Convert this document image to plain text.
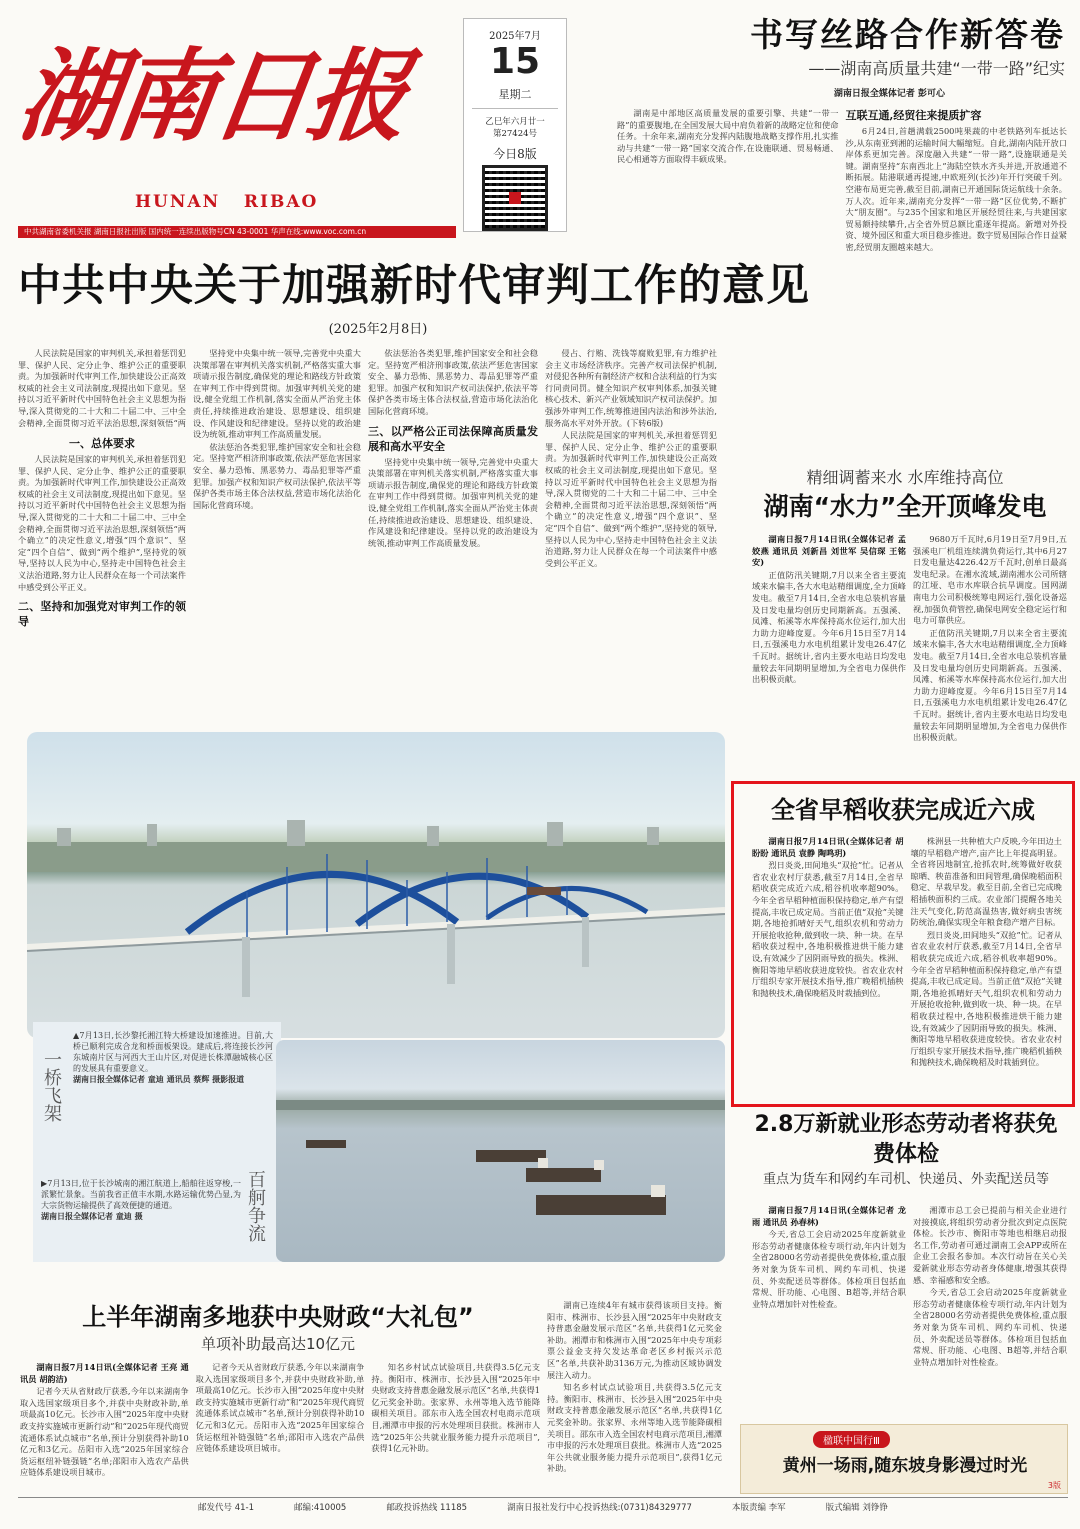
湖南日报
HUNAN   RIBAO
2025年7月
15
星期二
乙巳年六月廿一
第27424号
今日8版
中共湖南省委机关报 湖南日报社出版 国内统一连续出版物号CN 43-0001 华声在线:www.voc.com.cn
书写丝路合作新答卷
——湖南高质量共建“一带一路”纪实
湖南日报全媒体记者 彭可心

湖南是中部地区高质量发展的重要引擎、共建“一带一路”的重要腹地,在全国发展大局中肩负着新的战略定位和使命任务。十余年来,湖南充分发挥内陆腹地战略支撑作用,扎实推动与共建“一带一路”国家交流合作,在设施联通、贸易畅通、民心相通等方面取得丰硕成果。

互联互通,经贸往来提质扩容

6月24日,首趟满载2500吨果蔬的中老铁路列车抵达长沙,从东南亚到湘的运输时间大幅缩短。自此,湖南内陆开放口岸体系更加完善。深度融入共建“一带一路”,设施联通是关键。湖南坚持“东南西北上”海陆空铁水齐头并进,开放通道不断拓展。陆港联通再提速,中欧班列(长沙)年开行突破千列。空港布局更完善,截至目前,湖南已开通国际货运航线十余条。万人次。近年来,湖南充分发挥“一带一路”区位优势,不断扩大“朋友圈”。与235个国家和地区开展经贸往来,与共建国家贸易额持续攀升,占全省外贸总额比重逐年提高。新增对外投资、境外园区和重大项目稳步推进。数字贸易国际合作日益紧密,经贸朋友圈越来越大。

中共中央关于加强新时代审判工作的意见
(2025年2月8日)

人民法院是国家的审判机关,承担着惩罚犯罪、保护人民、定分止争、维护公正的重要职责。为加强新时代审判工作,加快建设公正高效权威的社会主义司法制度,现提出如下意见。坚持以习近平新时代中国特色社会主义思想为指导,深入贯彻党的二十大和二十届二中、三中全会精神,全面贯彻习近平法治思想,深刻领悟“两

一、总体要求

人民法院是国家的审判机关,承担着惩罚犯罪、保护人民、定分止争、维护公正的重要职责。为加强新时代审判工作,加快建设公正高效权威的社会主义司法制度,现提出如下意见。坚持以习近平新时代中国特色社会主义思想为指导,深入贯彻党的二十大和二十届二中、三中全会精神,全面贯彻习近平法治思想,深刻领悟“两个确立”的决定性意义,增强“四个意识”、坚定“四个自信”、做到“两个维护”,坚持党的领导,坚持以人民为中心,坚持走中国特色社会主义法治道路,努力让人民群众在每一个司法案件中感受到公平正义。

二、坚持和加强党对审判工作的领导

坚持党中央集中统一领导,完善党中央重大决策部署在审判机关落实机制,严格落实重大事项请示报告制度,确保党的理论和路线方针政策在审判工作中得到贯彻。加强审判机关党的建设,健全党组工作机制,落实全面从严治党主体责任,持续推进政治建设、思想建设、组织建设、作风建设和纪律建设。坚持以党的政治建设为统领,推动审判工作高质量发展。

依法惩治各类犯罪,维护国家安全和社会稳定。坚持宽严相济刑事政策,依法严惩危害国家安全、暴力恐怖、黑恶势力、毒品犯罪等严重犯罪。加强产权和知识产权司法保护,依法平等保护各类市场主体合法权益,营造市场化法治化国际化营商环境。

依法惩治各类犯罪,维护国家安全和社会稳定。坚持宽严相济刑事政策,依法严惩危害国家安全、暴力恐怖、黑恶势力、毒品犯罪等严重犯罪。加强产权和知识产权司法保护,依法平等保护各类市场主体合法权益,营造市场化法治化国际化营商环境。

三、以严格公正司法保障高质量发展和高水平安全

坚持党中央集中统一领导,完善党中央重大决策部署在审判机关落实机制,严格落实重大事项请示报告制度,确保党的理论和路线方针政策在审判工作中得到贯彻。加强审判机关党的建设,健全党组工作机制,落实全面从严治党主体责任,持续推进政治建设、思想建设、组织建设、作风建设和纪律建设。坚持以党的政治建设为统领,推动审判工作高质量发展。

侵占、行贿、洗钱等腐败犯罪,有力维护社会主义市场经济秩序。完善产权司法保护机制,对侵犯各种所有制经济产权和合法利益的行为实行同责同罚。健全知识产权审判体系,加强关键核心技术、新兴产业领域知识产权司法保护。加强涉外审判工作,统筹推进国内法治和涉外法治,服务高水平对外开放。(下转6版)

人民法院是国家的审判机关,承担着惩罚犯罪、保护人民、定分止争、维护公正的重要职责。为加强新时代审判工作,加快建设公正高效权威的社会主义司法制度,现提出如下意见。坚持以习近平新时代中国特色社会主义思想为指导,深入贯彻党的二十大和二十届二中、三中全会精神,全面贯彻习近平法治思想,深刻领悟“两个确立”的决定性意义,增强“四个意识”、坚定“四个自信”、做到“两个维护”,坚持党的领导,坚持以人民为中心,坚持走中国特色社会主义法治道路,努力让人民群众在每一个司法案件中感受到公平正义。

一桥飞架
▲7月13日,长沙黎托湘江特大桥建设加速推进。目前,大桥已顺利完成合龙和桥面板架设。建成后,将连接长沙河东城南片区与河西大王山片区,对促进长株潭融城核心区的发展具有重要意义。
湖南日报全媒体记者 童迪 通讯员 蔡辉 摄影报道
▶7月13日,位于长沙城南的湘江航道上,船舶往返穿梭,一派繁忙景象。当前我省正值丰水期,水路运输优势凸显,为大宗货物运输提供了高效便捷的通道。
湖南日报全媒体记者 童迪 摄	百舸争流
精细调蓄来水 水库维持高位
湖南“水力”全开顶峰发电

湖南日报7月14日讯(全媒体记者 孟姣燕 通讯员 刘新昌 刘世军 吴信琛 王铭安)

正值防汛关键期,7月以来全省主要流域来水偏丰,各大水电站精细调度,全力顶峰发电。截至7月14日,全省水电总装机容量及日发电量均创历史同期新高。五强溪、凤滩、柘溪等水库保持高水位运行,加大出力助力迎峰度夏。今年6月15日至7月14日,五强溪电力水电机组累计发电26.47亿千瓦时。据统计,省内主要水电站日均发电量较去年同期明显增加,为全省电力保供作出积极贡献。

9680万千瓦时,6月19日至7月9日,五强溪电厂机组连续满负荷运行,其中6月27日发电量达4226.42万千瓦时,创单日最高发电纪录。在湘水流域,湖南湘水公司所辖的江垭、皂市水库联合抗旱调度。国网湖南电力公司积极统筹电网运行,强化设备巡视,加强负荷管控,确保电网安全稳定运行和电力可靠供应。

正值防汛关键期,7月以来全省主要流域来水偏丰,各大水电站精细调度,全力顶峰发电。截至7月14日,全省水电总装机容量及日发电量均创历史同期新高。五强溪、凤滩、柘溪等水库保持高水位运行,加大出力助力迎峰度夏。今年6月15日至7月14日,五强溪电力水电机组累计发电26.47亿千瓦时。据统计,省内主要水电站日均发电量较去年同期明显增加,为全省电力保供作出积极贡献。

全省早稻收获完成近六成

湖南日报7月14日讯(全媒体记者 胡盼盼 通讯员 袁静 陶鸣玥)

烈日炎炎,田间地头“双抢”忙。记者从省农业农村厅获悉,截至7月14日,全省早稻收获完成近六成,稻谷机收率超90%。今年全省早稻种植面积保持稳定,单产有望提高,丰收已成定局。当前正值“双抢”关键期,各地抢抓晴好天气,组织农机和劳动力开展抢收抢种,做到收一块、种一块。在早稻收获过程中,各地积极推进烘干能力建设,有效减少了因阴雨导致的损失。株洲、衡阳等地早稻收获进度较快。省农业农村厅组织专家开展技术指导,推广晚稻机插秧和抛秧技术,确保晚稻及时栽插到位。

株洲县一共种植大户反映,今年田边土壤的早稻稳产增产,亩产比上年提高明显。全省将因地制宜,抢抓农时,统筹做好收获晾晒、秧苗准备和田间管理,确保晚稻面积稳定、早栽早发。截至目前,全省已完成晚稻插秧面积约三成。农业部门提醒各地关注天气变化,防范高温热害,做好病虫害统防统治,确保实现全年粮食稳产增产目标。

烈日炎炎,田间地头“双抢”忙。记者从省农业农村厅获悉,截至7月14日,全省早稻收获完成近六成,稻谷机收率超90%。今年全省早稻种植面积保持稳定,单产有望提高,丰收已成定局。当前正值“双抢”关键期,各地抢抓晴好天气,组织农机和劳动力开展抢收抢种,做到收一块、种一块。在早稻收获过程中,各地积极推进烘干能力建设,有效减少了因阴雨导致的损失。株洲、衡阳等地早稻收获进度较快。省农业农村厅组织专家开展技术指导,推广晚稻机插秧和抛秧技术,确保晚稻及时栽插到位。

2.8万新就业形态劳动者将获免费体检
重点为货车和网约车司机、快递员、外卖配送员等

湖南日报7月14日讯(全媒体记者 龙雨 通讯员 孙春林)

今天,省总工会启动2025年度新就业形态劳动者健康体检专项行动,年内计划为全省28000名劳动者提供免费体检,重点服务对象为货车司机、网约车司机、快递员、外卖配送员等群体。体检项目包括血常规、肝功能、心电图、B超等,并结合职业特点增加针对性检查。

湘潭市总工会已提前与相关企业进行对接摸底,将组织劳动者分批次到定点医院体检。长沙市、衡阳市等地也相继启动报名工作,劳动者可通过湖南工会APP或所在企业工会报名参加。本次行动旨在关心关爱新就业形态劳动者身体健康,增强其获得感、幸福感和安全感。

今天,省总工会启动2025年度新就业形态劳动者健康体检专项行动,年内计划为全省28000名劳动者提供免费体检,重点服务对象为货车司机、网约车司机、快递员、外卖配送员等群体。体检项目包括血常规、肝功能、心电图、B超等,并结合职业特点增加针对性检查。

上半年湖南多地获中央财政“大礼包”
单项补助最高达10亿元

湖南日报7月14日讯(全媒体记者 王亮 通讯员 胡韵洁)

记者今天从省财政厅获悉,今年以来湖南争取入选国家级项目多个,并获中央财政补助,单项最高10亿元。长沙市入围“2025年度中央财政支持实施城市更新行动”和“2025年现代商贸流通体系试点城市”名单,预计分别获得补助10亿元和3亿元。岳阳市入选“2025年国家综合货运枢纽补链强链”名单;邵阳市入选农产品供应链体系建设项目城市。

记者今天从省财政厅获悉,今年以来湖南争取入选国家级项目多个,并获中央财政补助,单项最高10亿元。长沙市入围“2025年度中央财政支持实施城市更新行动”和“2025年现代商贸流通体系试点城市”名单,预计分别获得补助10亿元和3亿元。岳阳市入选“2025年国家综合货运枢纽补链强链”名单;邵阳市入选农产品供应链体系建设项目城市。

知名乡村试点试验项目,共获得3.5亿元支持。衡阳市、株洲市、长沙县入围“2025年中央财政支持普惠金融发展示范区”名单,共获得1亿元奖金补助。张家界、永州等地入选节能降碳相关项目。邵东市入选全国农村电商示范项目,湘潭市申报的污水处理项目获批。株洲市人选“2025年公共就业服务能力提升示范项目”,获得1亿元补助。

湖南已连续4年有城市获得该项目支持。衡阳市、株洲市、长沙县入围“2025年中央财政支持普惠金融发展示范区”名单,共获得1亿元奖金补助。湘潭市和株洲市入围“2025年中央专项彩票公益金支持欠发达革命老区乡村振兴示范区”名单,共获补助3136万元,为推动区域协调发展注入动力。

知名乡村试点试验项目,共获得3.5亿元支持。衡阳市、株洲市、长沙县入围“2025年中央财政支持普惠金融发展示范区”名单,共获得1亿元奖金补助。张家界、永州等地入选节能降碳相关项目。邵东市入选全国农村电商示范项目,湘潭市申报的污水处理项目获批。株洲市人选“2025年公共就业服务能力提升示范项目”,获得1亿元补助。

楹联中国行Ⅲ
黄州一场雨,随东坡身影漫过时光
3版
邮发代号 41-1	邮编:410005	邮政投诉热线 11185	湖南日报社发行中心投诉热线:(0731)84329777	本版责编 李军	版式编辑 刘铮铮
